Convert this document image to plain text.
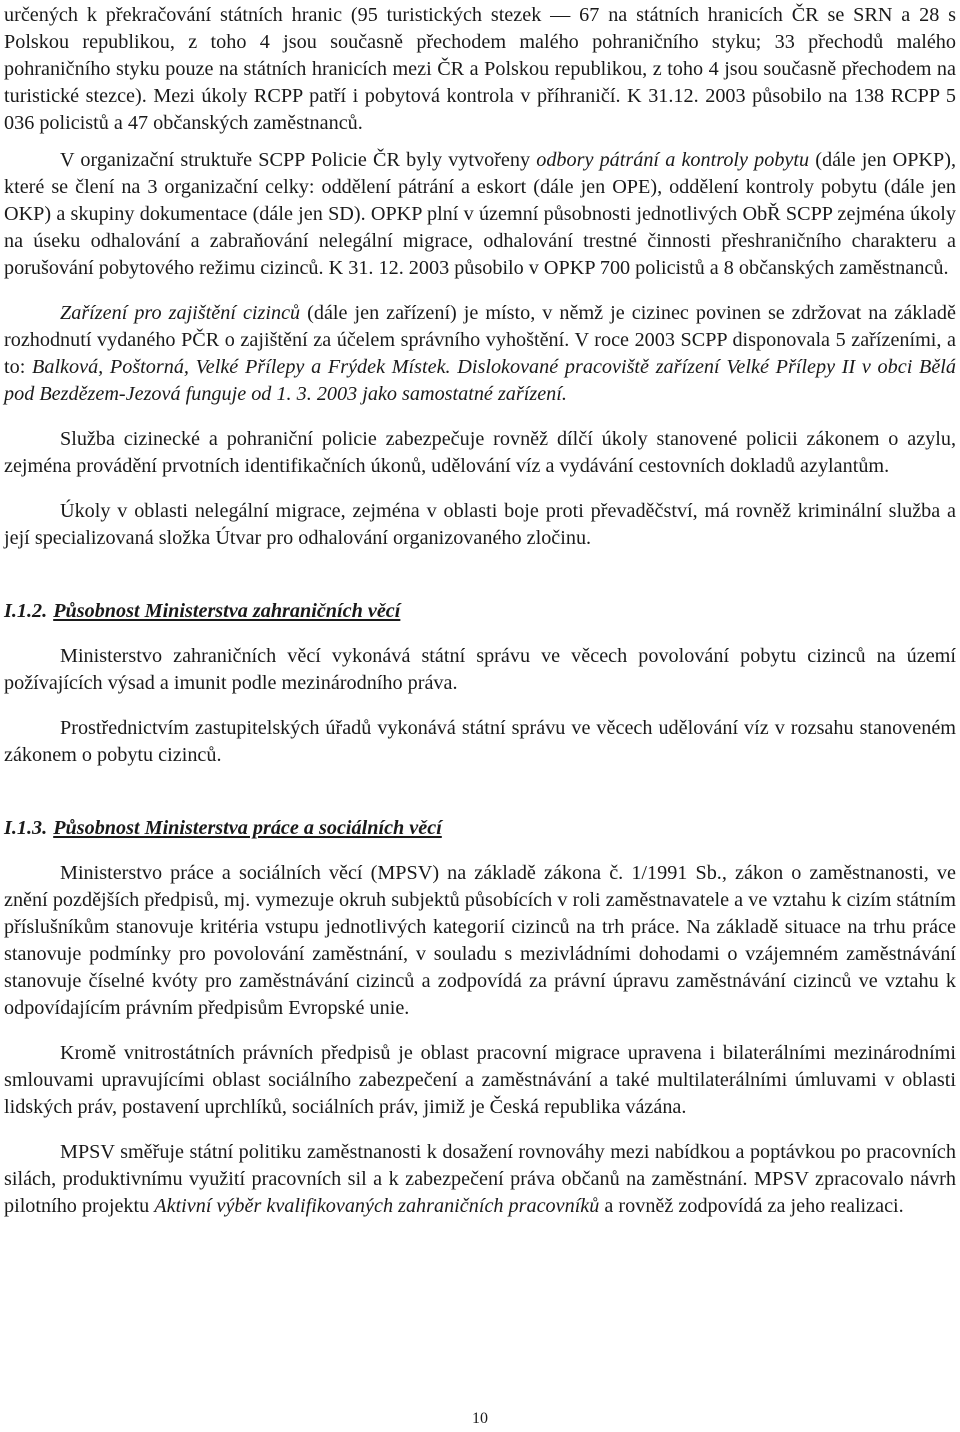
určených k překračování státních hranic (95 turistických stezek — 67 na státních hranicích ČR se SRN a 28 s Polskou republikou, z toho 4 jsou současně přechodem malého pohraničního styku; 33 přechodů malého pohraničního styku pouze na státních hranicích mezi ČR a Polskou republikou, z toho 4 jsou současně přechodem na turistické stezce). Mezi úkoly RCPP patří i pobytová kontrola v příhraničí. K 31.12. 2003 působilo na 138 RCPP 5 036 policistů a 47 občanských zaměstnanců.

V organizační struktuře SCPP Policie ČR byly vytvořeny odbory pátrání a kontroly pobytu (dále jen OPKP), které se člení na 3 organizační celky: oddělení pátrání a eskort (dále jen OPE), oddělení kontroly pobytu (dále jen OKP) a skupiny dokumentace (dále jen SD). OPKP plní v územní působnosti jednotlivých ObŘ SCPP zejména úkoly na úseku odhalování a zabraňování nelegální migrace, odhalování trestné činnosti přeshraničního charakteru a porušování pobytového režimu cizinců. K 31. 12. 2003 působilo v OPKP 700 policistů a 8 občanských zaměstnanců.

Zařízení pro zajištění cizinců (dále jen zařízení) je místo, v němž je cizinec povinen se zdržovat na základě rozhodnutí vydaného PČR o zajištění za účelem správního vyhoštění. V roce 2003 SCPP disponovala 5 zařízeními, a to: Balková, Poštorná, Velké Přílepy a Frýdek Místek. Dislokované pracoviště zařízení Velké Přílepy II v obci Bělá pod Bezdězem-Jezová funguje od 1. 3. 2003 jako samostatné zařízení.

Služba cizinecké a pohraniční policie zabezpečuje rovněž dílčí úkoly stanovené policii zákonem o azylu, zejména provádění prvotních identifikačních úkonů, udělování víz a vydávání cestovních dokladů azylantům.

Úkoly v oblasti nelegální migrace, zejména v oblasti boje proti převaděčství, má rovněž kriminální služba a její specializovaná složka Útvar pro odhalování organizovaného zločinu.

I.1.2. Působnost Ministerstva zahraničních věcí

Ministerstvo zahraničních věcí vykonává státní správu ve věcech povolování pobytu cizinců na území požívajících výsad a imunit podle mezinárodního práva.

Prostřednictvím zastupitelských úřadů vykonává státní správu ve věcech udělování víz v rozsahu stanoveném zákonem o pobytu cizinců.

I.1.3. Působnost Ministerstva práce a sociálních věcí

Ministerstvo práce a sociálních věcí (MPSV) na základě zákona č. 1/1991 Sb., zákon o zaměstnanosti, ve znění pozdějších předpisů, mj. vymezuje okruh subjektů působících v roli zaměstnavatele a ve vztahu k cizím státním příslušníkům stanovuje kritéria vstupu jednotlivých kategorií cizinců na trh práce. Na základě situace na trhu práce stanovuje podmínky pro povolování zaměstnání, v souladu s mezivládními dohodami o vzájemném zaměstnávání stanovuje číselné kvóty pro zaměstnávání cizinců a zodpovídá za právní úpravu zaměstnávání cizinců ve vztahu k odpovídajícím právním předpisům Evropské unie.

Kromě vnitrostátních právních předpisů je oblast pracovní migrace upravena i bilaterálními mezinárodními smlouvami upravujícími oblast sociálního zabezpečení a zaměstnávání a také multilaterálními úmluvami v oblasti lidských práv, postavení uprchlíků, sociálních práv, jimiž je Česká republika vázána.

MPSV směřuje státní politiku zaměstnanosti k dosažení rovnováhy mezi nabídkou a poptávkou po pracovních silách, produktivnímu využití pracovních sil a k zabezpečení práva občanů na zaměstnání. MPSV zpracovalo návrh pilotního projektu Aktivní výběr kvalifikovaných zahraničních pracovníků a rovněž zodpovídá za jeho realizaci.

10
